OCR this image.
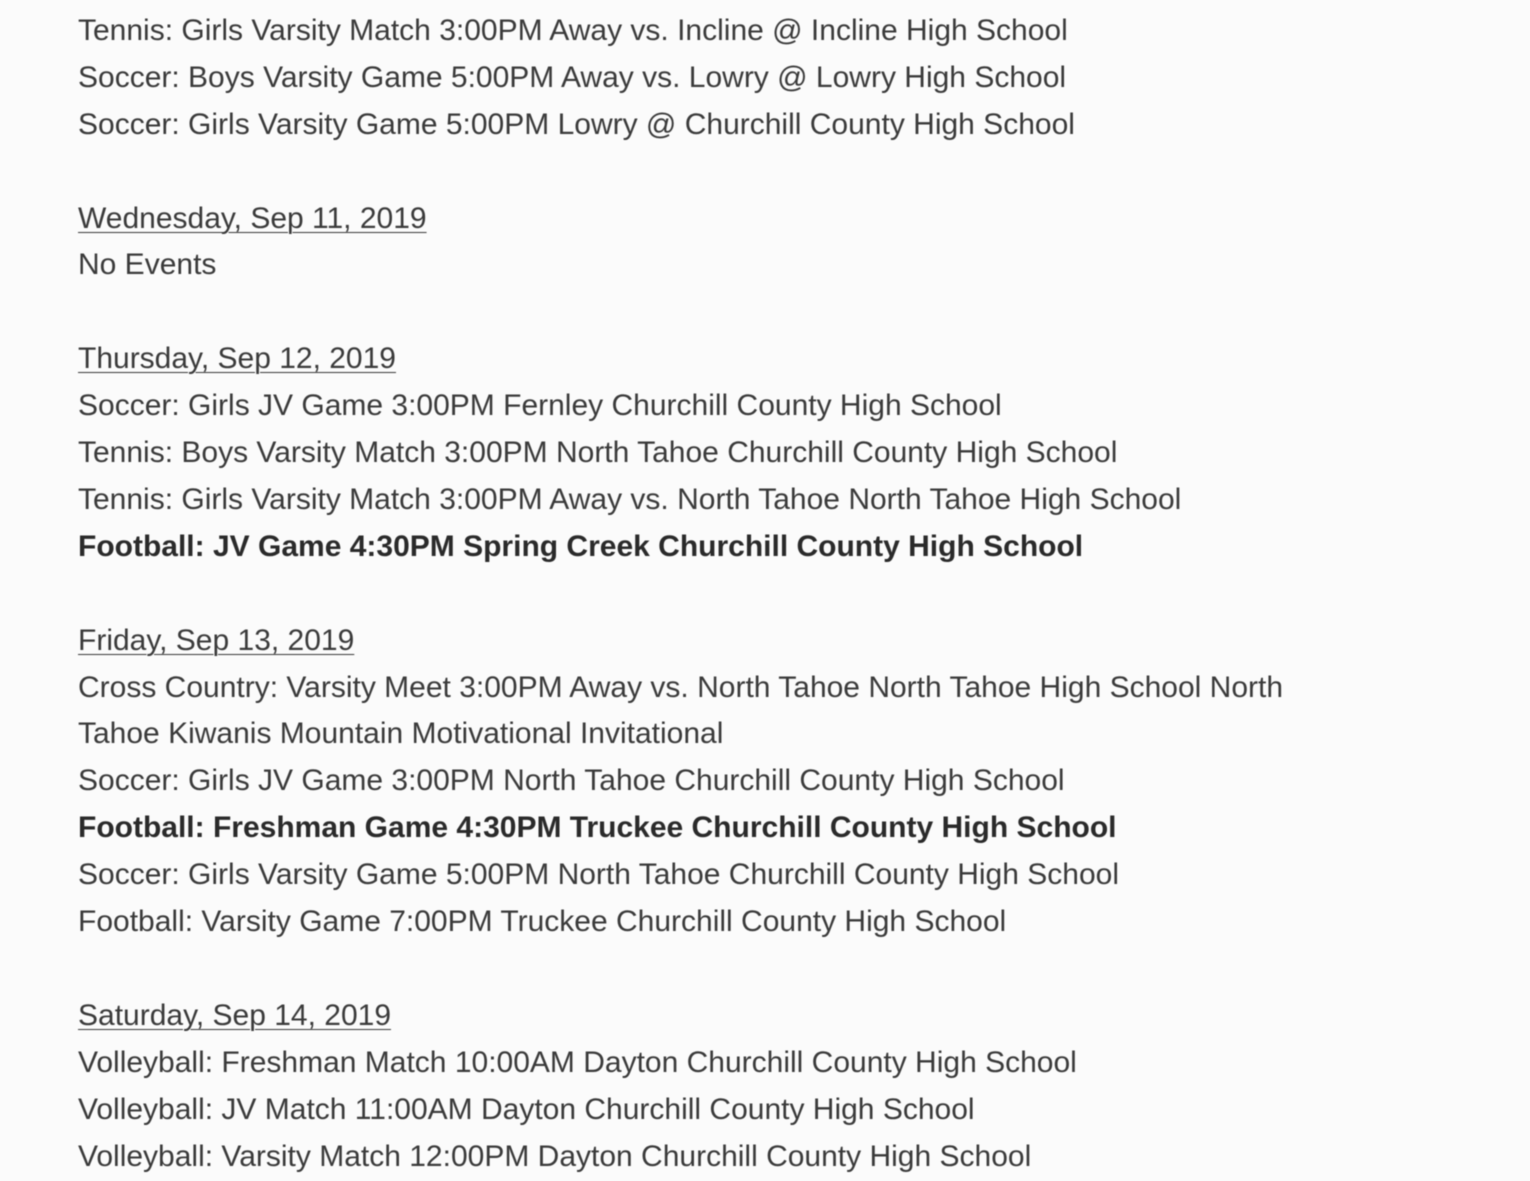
Tennis: Girls Varsity Match 3:00PM Away vs. Incline @ Incline High School
Soccer: Boys Varsity Game 5:00PM Away vs. Lowry @ Lowry High School
Soccer: Girls Varsity Game 5:00PM Lowry @ Churchill County High School
Wednesday, Sep 11, 2019
No Events
Thursday, Sep 12, 2019
Soccer: Girls JV Game 3:00PM Fernley Churchill County High School
Tennis: Boys Varsity Match 3:00PM North Tahoe Churchill County High School
Tennis: Girls Varsity Match 3:00PM Away vs. North Tahoe North Tahoe High School
Football: JV Game 4:30PM Spring Creek Churchill County High School
Friday, Sep 13, 2019
Cross Country: Varsity Meet 3:00PM Away vs. North Tahoe North Tahoe High School North
Tahoe Kiwanis Mountain Motivational Invitational
Soccer: Girls JV Game 3:00PM North Tahoe Churchill County High School
Football: Freshman Game 4:30PM Truckee Churchill County High School
Soccer: Girls Varsity Game 5:00PM North Tahoe Churchill County High School
Football: Varsity Game 7:00PM Truckee Churchill County High School
Saturday, Sep 14, 2019
Volleyball: Freshman Match 10:00AM Dayton Churchill County High School
Volleyball: JV Match 11:00AM Dayton Churchill County High School
Volleyball: Varsity Match 12:00PM Dayton Churchill County High School
